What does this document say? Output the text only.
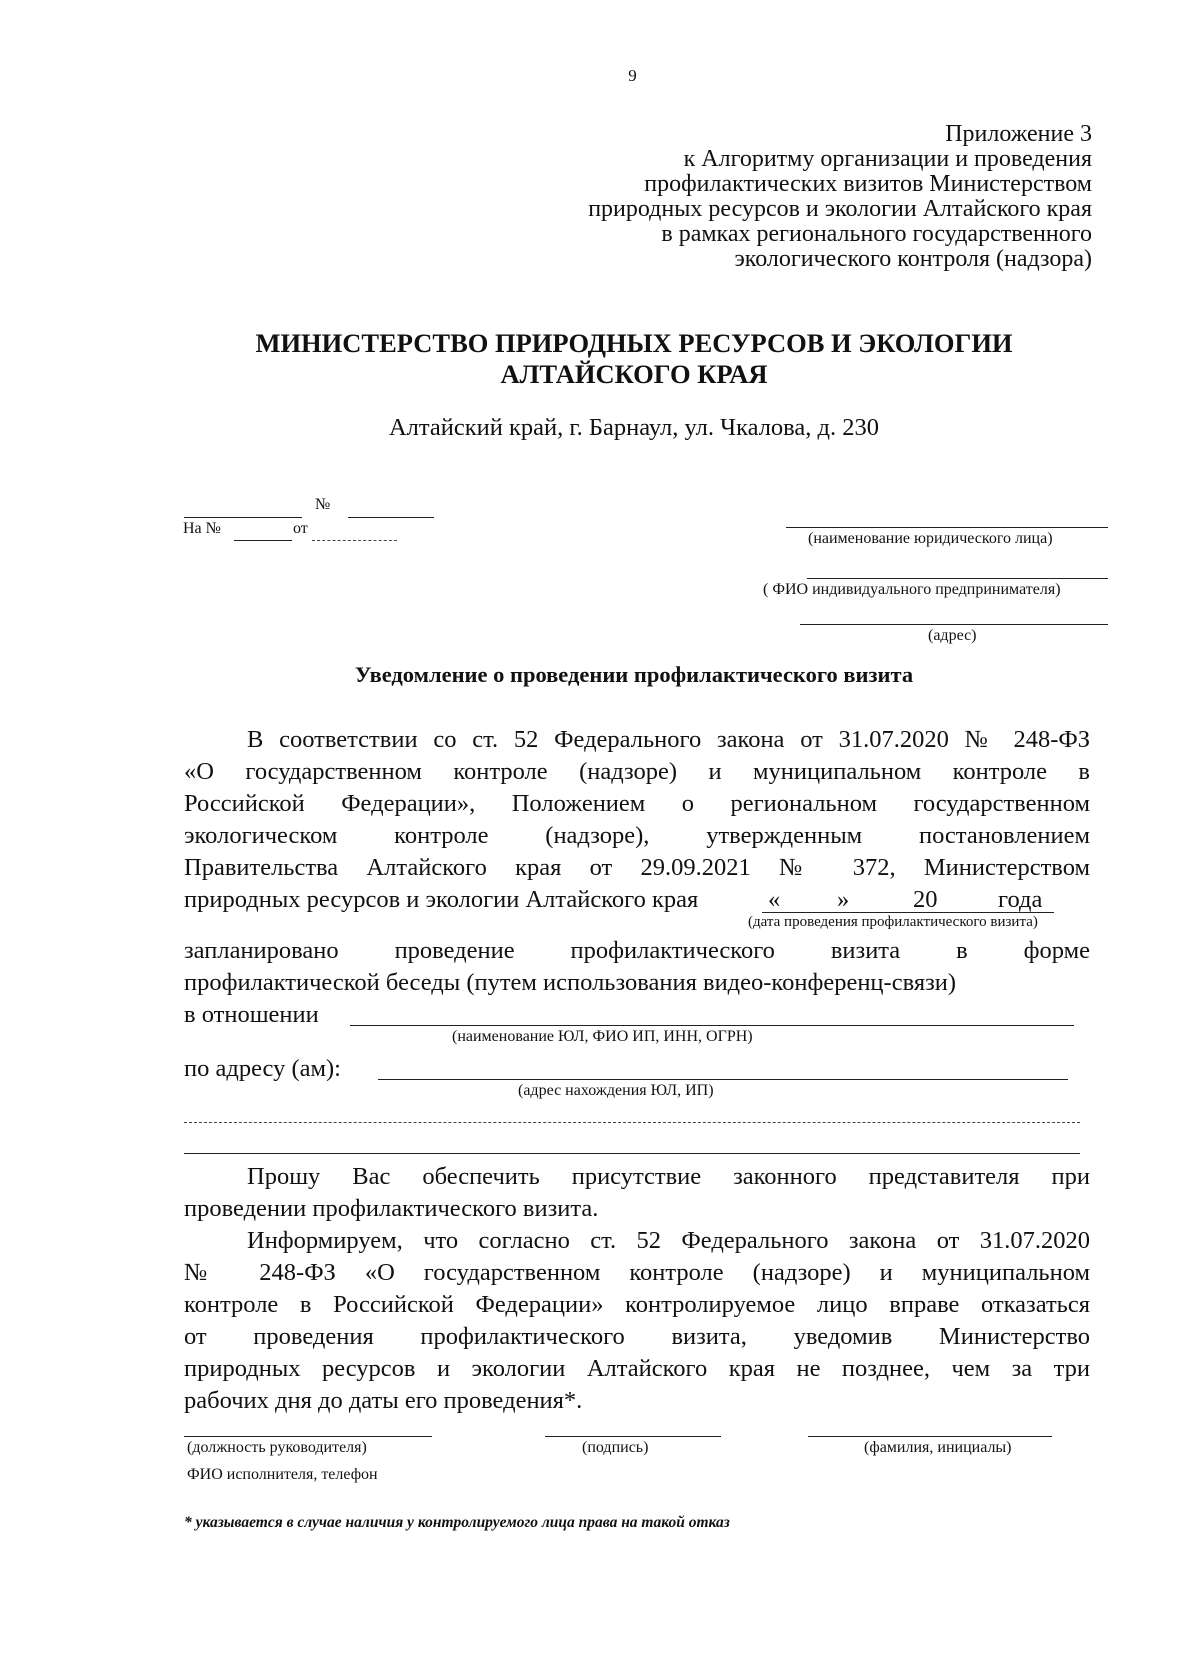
9
Приложение 3
к Алгоритму организации и проведения
профилактических визитов Министерством
природных ресурсов и экологии Алтайского края
в рамках регионального государственного
экологического контроля (надзора)
МИНИСТЕРСТВО ПРИРОДНЫХ РЕСУРСОВ И ЭКОЛОГИИ
АЛТАЙСКОГО КРАЯ
Алтайский край, г. Барнаул, ул. Чкалова, д. 230
№
На №	от
(наименование юридического лица)
( ФИО индивидуального предпринимателя)
(адрес)
Уведомление о проведении профилактического визита
В соответствии со ст. 52 Федерального закона от 31.07.2020 № 248-ФЗ
«О государственном контроле (надзоре) и муниципальном контроле в
Российской Федерации», Положением о региональном государственном
экологическом контроле (надзоре), утвержденным постановлением
Правительства Алтайского края от 29.09.2021 № 372, Министерством
природных ресурсов и экологии Алтайского края	« »	20 года
(дата проведения профилактического визита)
запланировано проведение профилактического визита в форме
профилактической беседы (путем использования видео-конференц-связи)
в отношении
(наименование ЮЛ, ФИО ИП, ИНН, ОГРН)
по адресу (ам):
(адрес нахождения ЮЛ, ИП)
Прошу Вас обеспечить присутствие законного представителя при
проведении профилактического визита.
Информируем, что согласно ст. 52 Федерального закона от 31.07.2020
№ 248-ФЗ «О государственном контроле (надзоре) и муниципальном
контроле в Российской Федерации» контролируемое лицо вправе отказаться
от проведения профилактического визита, уведомив Министерство
природных ресурсов и экологии Алтайского края не позднее, чем за три
рабочих дня до даты его проведения*.
(должность руководителя)	(подпись)	(фамилия, инициалы)
ФИО исполнителя, телефон
* указывается в случае наличия у контролируемого лица права на такой отказ
